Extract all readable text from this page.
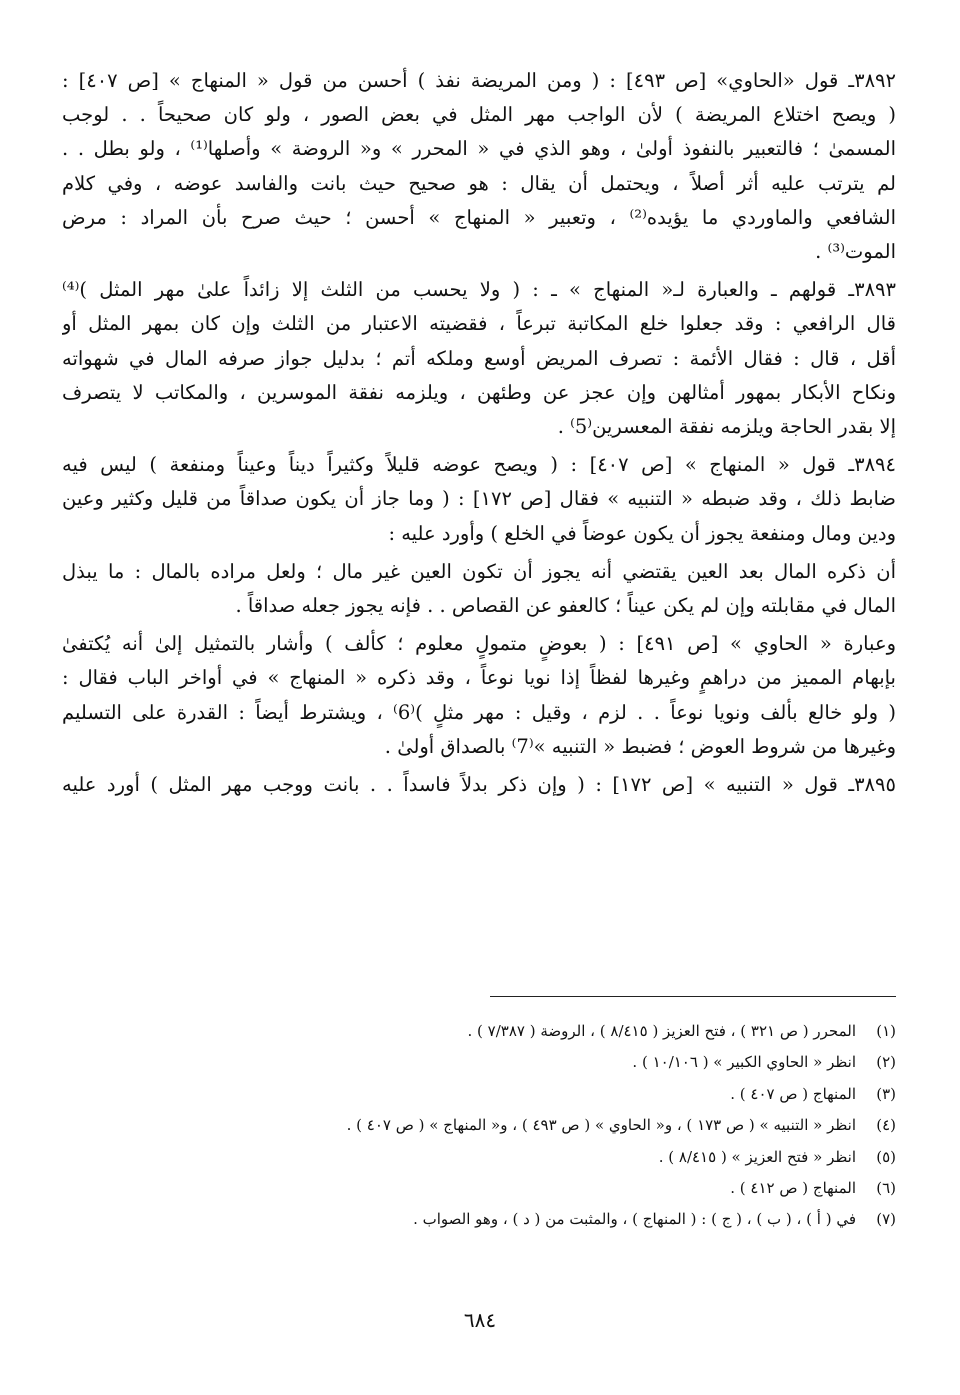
٣٨٩٢ـ قول «الحاوي» [ص ٤٩٣] : ( ومن المريضة نفذ ) أحسن من قول « المنهاج » [ص ٤٠٧] :
( ويصح اختلاع المريضة ) لأن الواجب مهر المثل في بعض الصور ، ولو كان صحيحاً . . لوجب
المسمىٰ ؛ فالتعبير بالنفوذ أولىٰ ، وهو الذي في « المحرر » و« الروضة » وأصلها⁽¹⁾ ، ولو بطل . .
لم يترتب عليه أثر أصلاً ، ويحتمل أن يقال : هو صحيح حيث بانت والفاسد عوضه ، وفي كلام
الشافعي والماوردي ما يؤيده⁽²⁾ ، وتعبير « المنهاج » أحسن ؛ حيث صرح بأن المراد : مرض
الموت⁽³⁾ .

٣٨٩٣ـ قولهم ـ والعبارة لـ« المنهاج » ـ : ( ولا يحسب من الثلث إلا زائداً علىٰ مهر المثل )⁽⁴⁾
قال الرافعي : وقد جعلوا خلع المكاتبة تبرعاً ، فقضيته الاعتبار من الثلث وإن كان بمهر المثل أو
أقل ، قال : فقال الأئمة : تصرف المريض أوسع وملكه أتم ؛ بدليل جواز صرفه المال في شهواته
ونكاح الأبكار بمهور أمثالهن وإن عجز عن وطئهن ، ويلزمه نفقة الموسرين ، والمكاتب لا يتصرف
إلا بقدر الحاجة ويلزمه نفقة المعسرين⁽5⁾ .

٣٨٩٤ـ قول « المنهاج » [ص ٤٠٧] : ( ويصح عوضه قليلاً وكثيراً ديناً وعيناً ومنفعة ) ليس فيه
ضابط ذلك ، وقد ضبطه « التنبيه » فقال [ص ١٧٢] : ( وما جاز أن يكون صداقاً من قليل وكثير وعين
ودين ومال ومنفعة يجوز أن يكون عوضاً في الخلع ) وأورد عليه :

أن ذكره المال بعد العين يقتضي أنه يجوز أن تكون العين غير مال ؛ ولعل مراده بالمال : ما يبذل
المال في مقابلته وإن لم يكن عيناً ؛ كالعفو عن القصاص . . فإنه يجوز جعله صداقاً .

وعبارة « الحاوي » [ص ٤٩١] : ( بعوضٍ متمولٍ معلوم ؛ كألف ) وأشار بالتمثيل إلىٰ أنه يُكتفىٰ
بإبهام المميز من دراهمٍ وغيرها لفظاً إذا نويا نوعاً ، وقد ذكره « المنهاج » في أواخر الباب فقال :
( ولو خالع بألف ونويا نوعاً . . لزم ، وقيل : مهر مثلٍ )⁽6⁾ ، ويشترط أيضاً : القدرة على التسليم
وغيرها من شروط العوض ؛ فضبط « التنبيه »⁽7⁾ بالصداق أولىٰ .

٣٨٩٥ـ قول « التنبيه » [ص ١٧٢] : ( وإن ذكر بدلاً فاسداً . . بانت ووجب مهر المثل ) أورد عليه

(١)المحرر ( ص ٣٢١ ) ، فتح العزيز ( ٨/٤١٥ ) ، الروضة ( ٧/٣٨٧ ) .
(٢)انظر « الحاوي الكبير » ( ١٠/١٠٦ ) .
(٣)المنهاج ( ص ٤٠٧ ) .
(٤)انظر « التنبيه » ( ص ١٧٣ ) ، و« الحاوي » ( ص ٤٩٣ ) ، و« المنهاج » ( ص ٤٠٧ ) .
(٥)انظر « فتح العزيز » ( ٨/٤١٥ ) .
(٦)المنهاج ( ص ٤١٢ ) .
(٧)في ( أ ) ، ( ب ) ، ( ج ) : ( المنهاج ) ، والمثبت من ( د ) ، وهو الصواب .
٦٨٤
